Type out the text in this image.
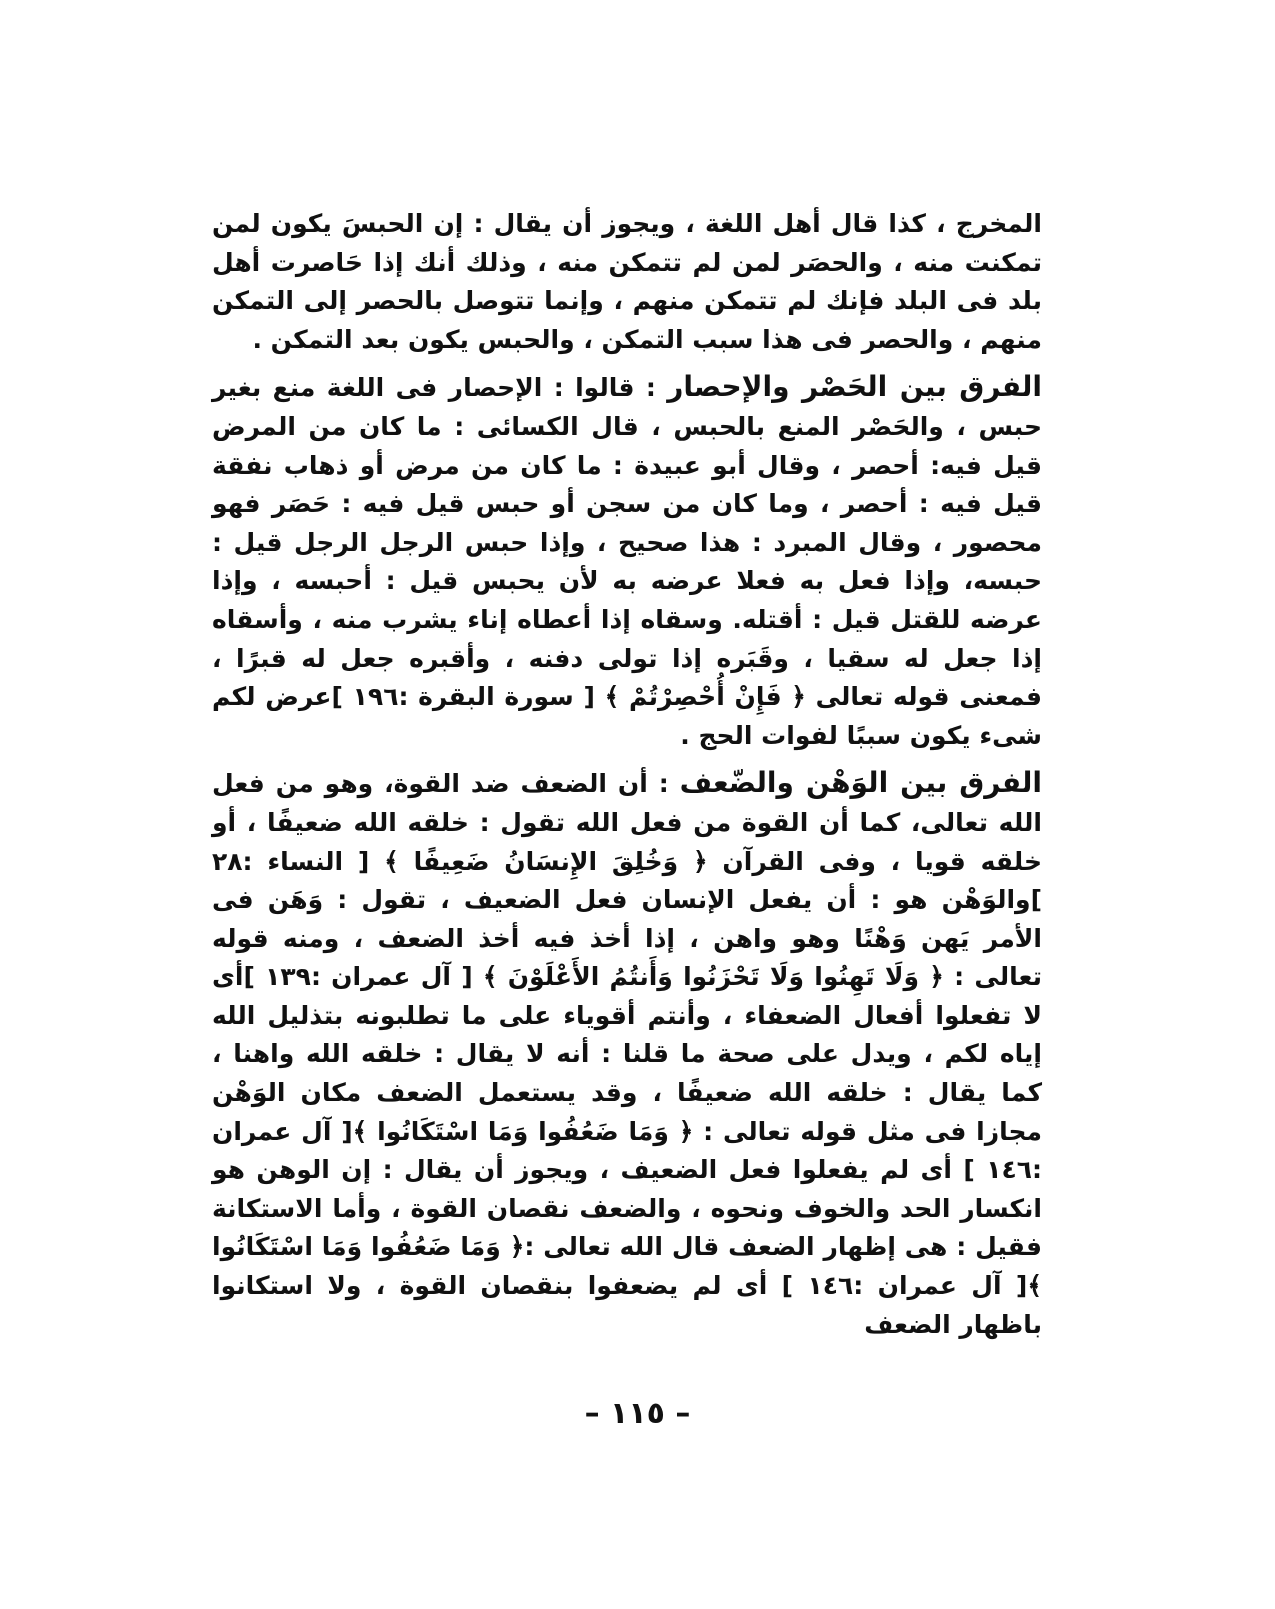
المخرج ، كذا قال أهل اللغة ، ويجوز أن يقال : إن الحبسَ يكون لمن تمكنت منه ، والحصَر لمن لم تتمكن منه ، وذلك أنك إذا حَاصرت أهل بلد فى البلد فإنك لم تتمكن منهم ، وإنما تتوصل بالحصر إلى التمكن منهم ، والحصر فى هذا سبب التمكن ، والحبس يكون بعد التمكن .

الفرق بين الحَصْر والإحصار : قالوا : الإحصار فى اللغة منع بغير حبس ، والحَصْر المنع بالحبس ، قال الكسائى : ما كان من المرض قيل فيه: أحصر ، وقال أبو عبيدة : ما كان من مرض أو ذهاب نفقة قيل فيه : أحصر ، وما كان من سجن أو حبس قيل فيه : حَصَر فهو محصور ، وقال المبرد : هذا صحيح ، وإذا حبس الرجل الرجل قيل : حبسه، وإذا فعل به فعلا عرضه به لأن يحبس قيل : أحبسه ، وإذا عرضه للقتل قيل : أقتله. وسقاه إذا أعطاه إناء يشرب منه ، وأسقاه إذا جعل له سقيا ، وقَبَره إذا تولى دفنه ، وأقبره جعل له قبرًا ، فمعنى قوله تعالى ﴿ فَإِنْ أُحْصِرْتُمْ ﴾ [ سورة البقرة :١٩٦ ]عرض لكم شىء يكون سببًا لفوات الحج .

الفرق بين الوَهْن والضّعف : أن الضعف ضد القوة، وهو من فعل الله تعالى، كما أن القوة من فعل الله تقول : خلقه الله ضعيفًا ، أو خلقه قويا ، وفى القرآن ﴿ وَخُلِقَ الإِنسَانُ ضَعِيفًا ﴾ [ النساء :٢٨ ]والوَهْن هو : أن يفعل الإنسان فعل الضعيف ، تقول : وَهَن فى الأمر يَهن وَهْنًا وهو واهن ، إذا أخذ فيه أخذ الضعف ، ومنه قوله تعالى : ﴿ وَلَا تَهِنُوا وَلَا تَحْزَنُوا وَأَنتُمُ الأَعْلَوْنَ ﴾ [ آل عمران :١٣٩ ]أى لا تفعلوا أفعال الضعفاء ، وأنتم أقوياء على ما تطلبونه بتذليل الله إياه لكم ، ويدل على صحة ما قلنا : أنه لا يقال : خلقه الله واهنا ، كما يقال : خلقه الله ضعيفًا ، وقد يستعمل الضعف مكان الوَهْن مجازا فى مثل قوله تعالى : ﴿ وَمَا ضَعُفُوا وَمَا اسْتَكَانُوا ﴾[ آل عمران :١٤٦ ] أى لم يفعلوا فعل الضعيف ، ويجوز أن يقال : إن الوهن هو انكسار الحد والخوف ونحوه ، والضعف نقصان القوة ، وأما الاستكانة فقيل : هى إظهار الضعف قال الله تعالى :﴿ وَمَا ضَعُفُوا وَمَا اسْتَكَانُوا ﴾[ آل عمران :١٤٦ ] أى لم يضعفوا بنقصان القوة ، ولا استكانوا باظهار الضعف

– ١١٥ –
